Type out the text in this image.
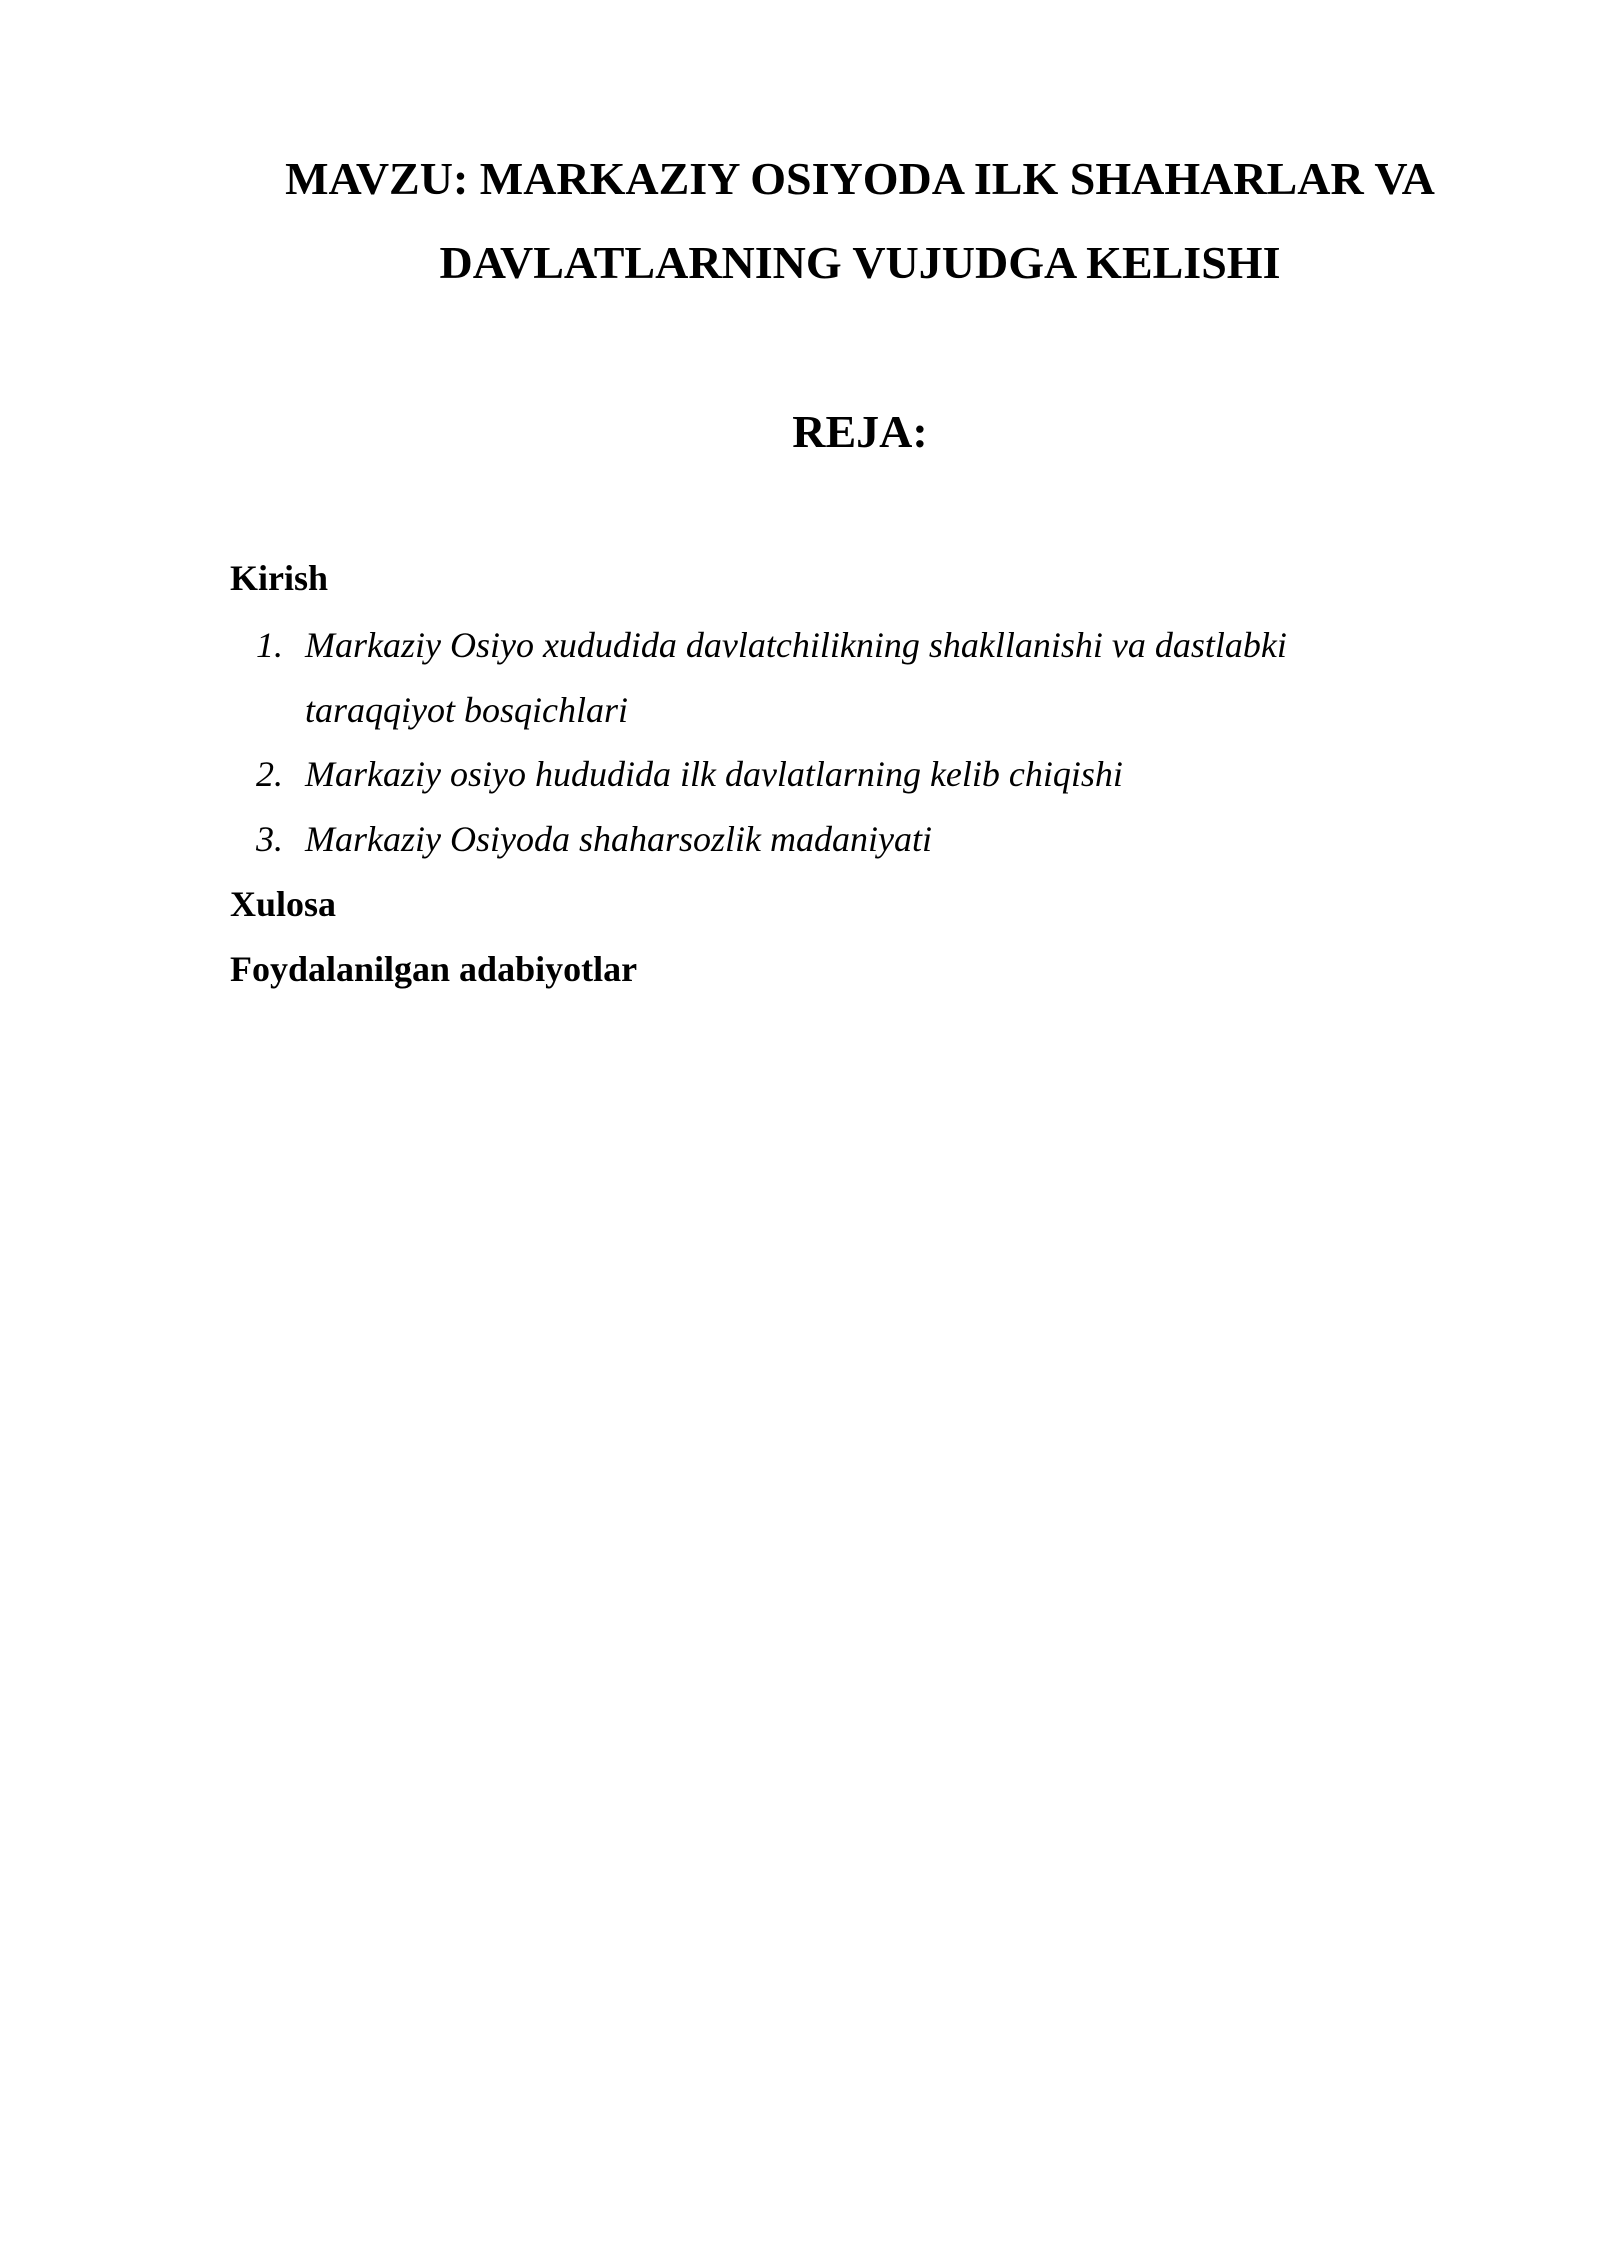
MAVZU: MARKAZIY OSIYODA ILK SHAHARLAR VA
DAVLATLARNING VUJUDGA KELISHI
REJA:

Kirish

1. Markaziy Osiyo xududida davlatchilikning shakllanishi va dastlabki
taraqqiyot bosqichlari
2. Markaziy osiyo hududida ilk davlatlarning kelib chiqishi
3. Markaziy Osiyoda shaharsozlik madaniyati

Xulosa

Foydalanilgan adabiyotlar
